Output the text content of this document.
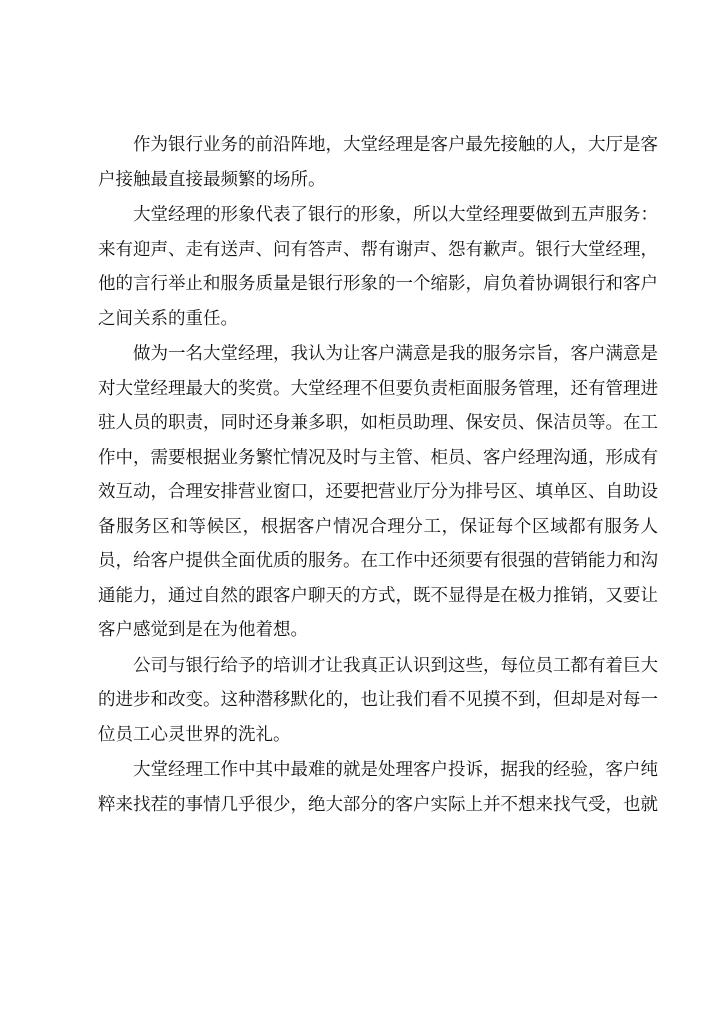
作为银行业务的前沿阵地，大堂经理是客户最先接触的人，大厅是客户接触最直接最频繁的场所。

大堂经理的形象代表了银行的形象，所以大堂经理要做到五声服务：来有迎声、走有送声、问有答声、帮有谢声、怨有歉声。银行大堂经理，他的言行举止和服务质量是银行形象的一个缩影，肩负着协调银行和客户之间关系的重任。

做为一名大堂经理，我认为让客户满意是我的服务宗旨，客户满意是对大堂经理最大的奖赏。大堂经理不但要负责柜面服务管理，还有管理进驻人员的职责，同时还身兼多职，如柜员助理、保安员、保洁员等。在工作中，需要根据业务繁忙情况及时与主管、柜员、客户经理沟通，形成有效互动，合理安排营业窗口，还要把营业厅分为排号区、填单区、自助设备服务区和等候区，根据客户情况合理分工，保证每个区域都有服务人员，给客户提供全面优质的服务。在工作中还须要有很强的营销能力和沟通能力，通过自然的跟客户聊天的方式，既不显得是在极力推销，又要让客户感觉到是在为他着想。

公司与银行给予的培训才让我真正认识到这些，每位员工都有着巨大的进步和改变。这种潜移默化的，也让我们看不见摸不到，但却是对每一位员工心灵世界的洗礼。

大堂经理工作中其中最难的就是处理客户投诉，据我的经验，客户纯粹来找茬的事情几乎很少，绝大部分的客户实际上并不想来找气受，也就
